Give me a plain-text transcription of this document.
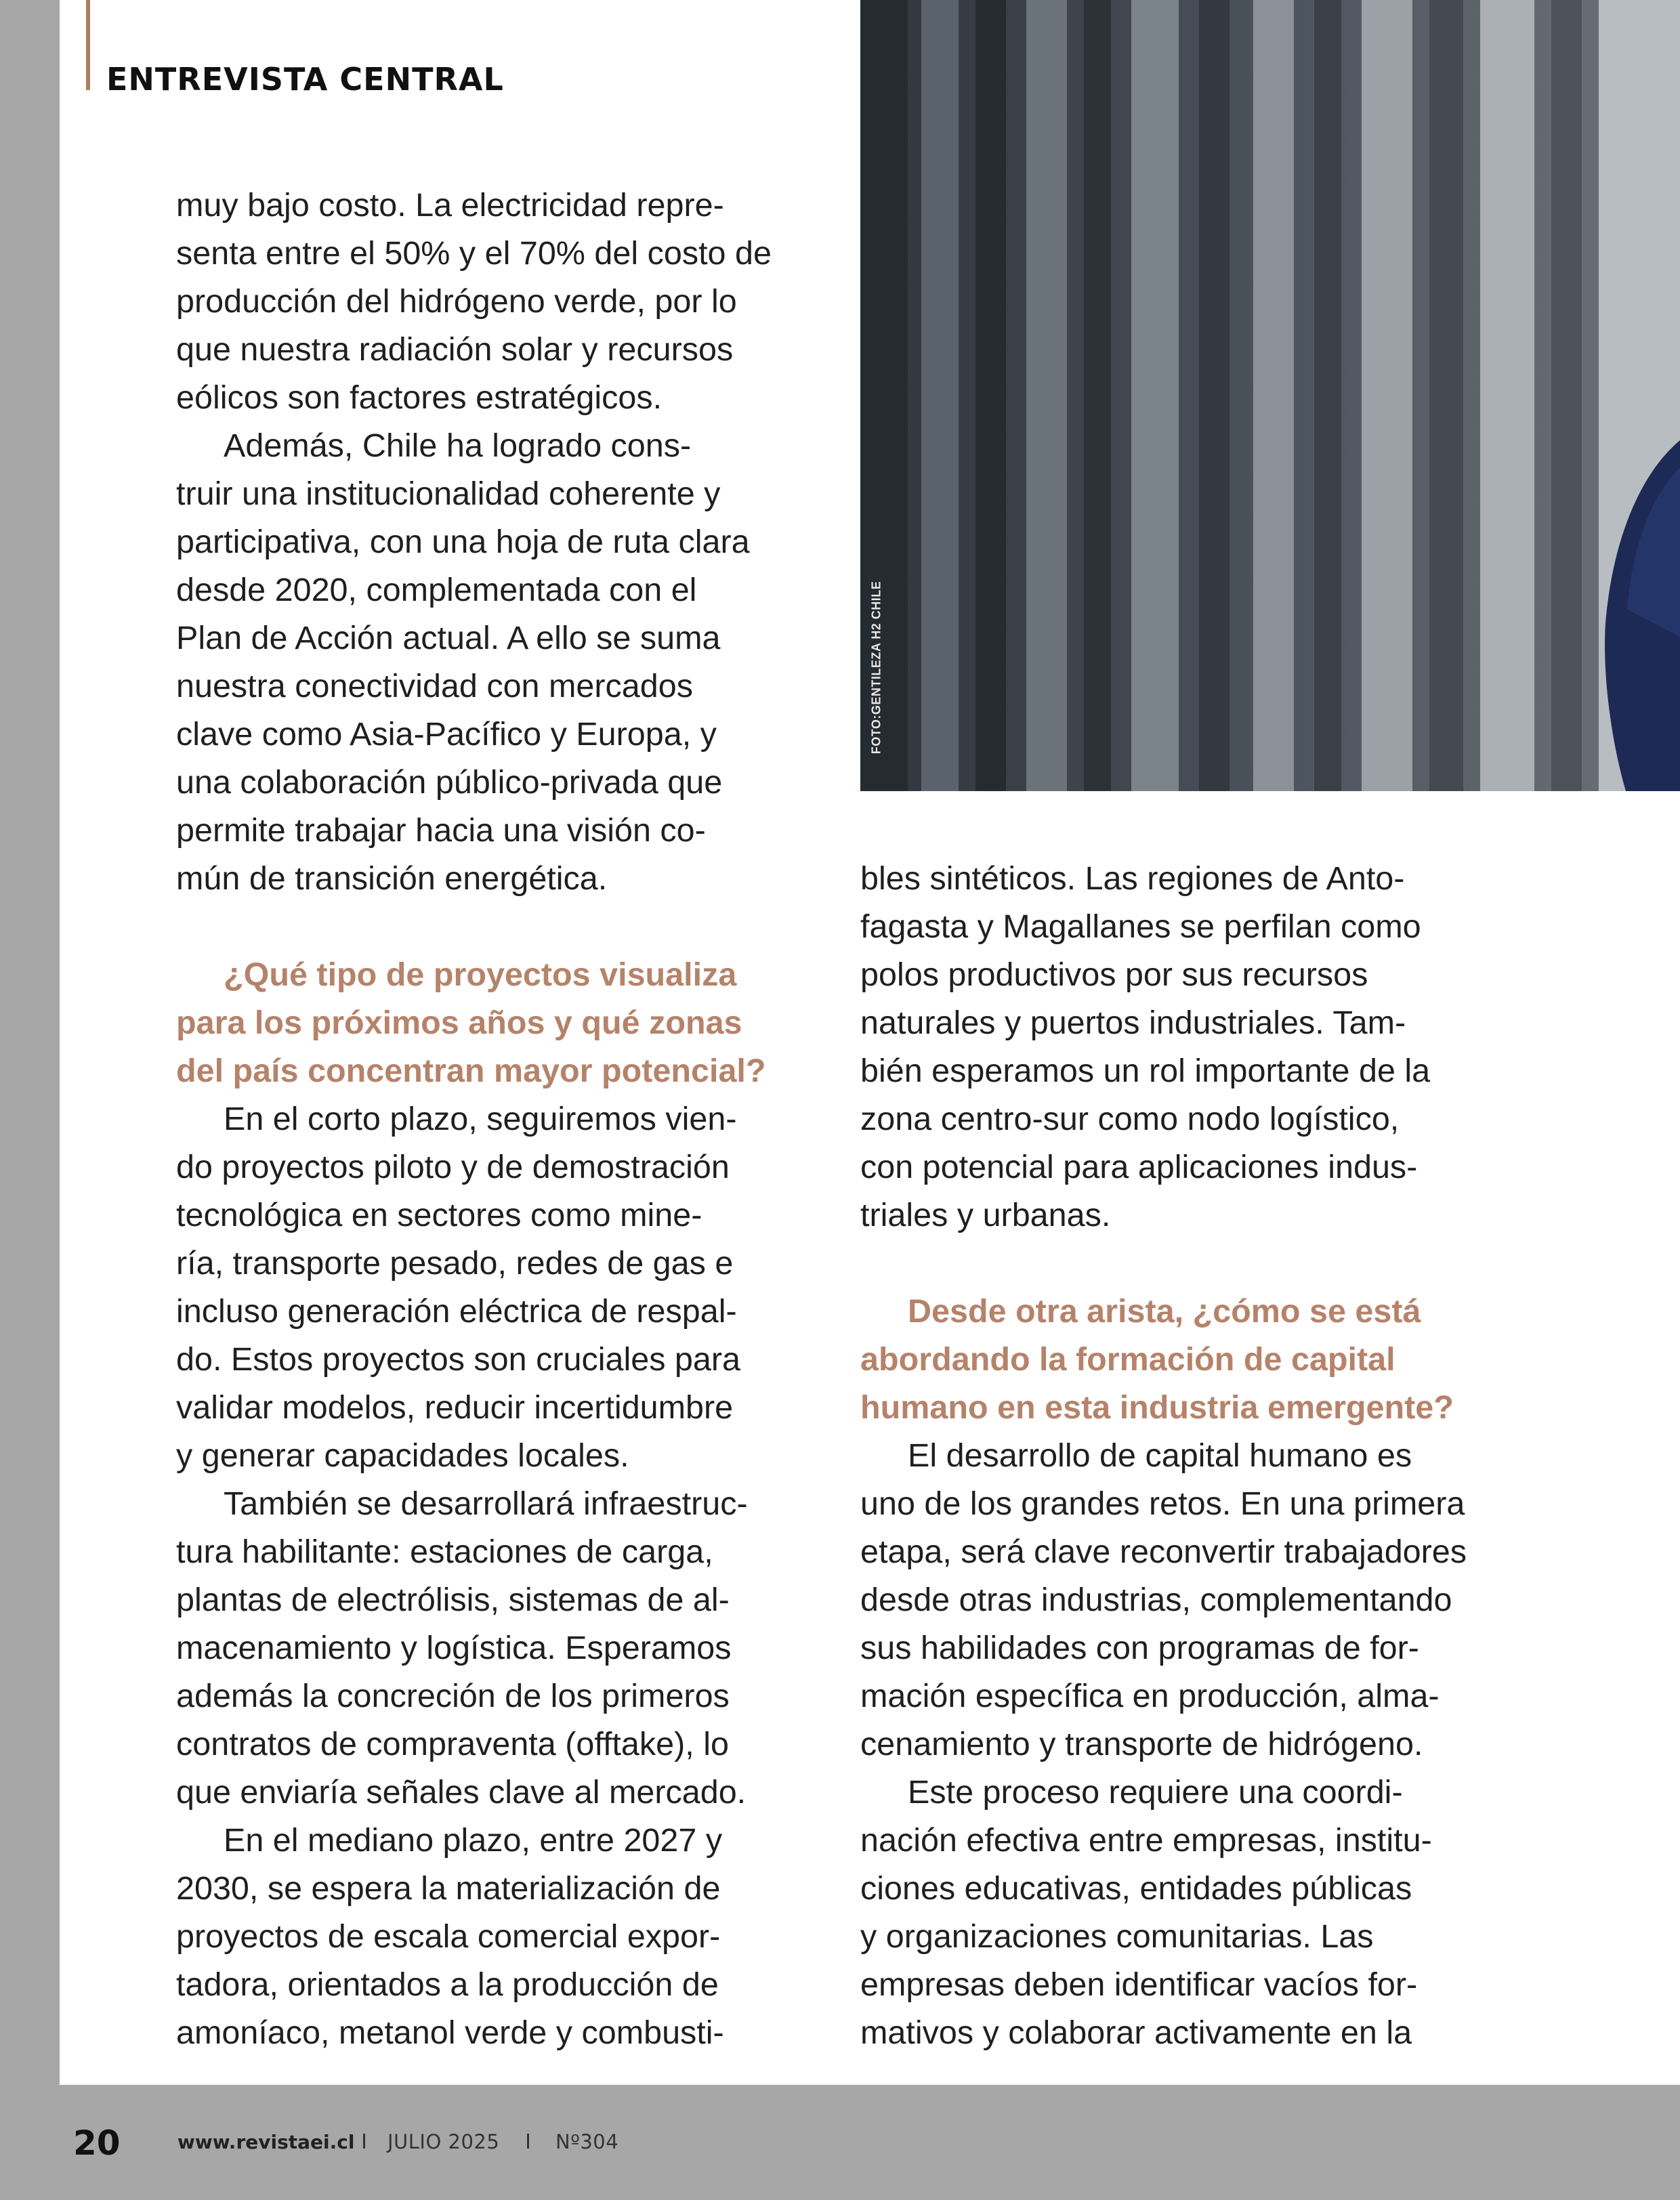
ENTREVISTA CENTRAL
FOTO:GENTILEZA H2 CHILE

muy bajo costo. La electricidad repre-
senta entre el 50% y el 70% del costo de
producción del hidrógeno verde, por lo
que nuestra radiación solar y recursos
eólicos son factores estratégicos.

Además, Chile ha logrado cons-
truir una institucionalidad coherente y
participativa, con una hoja de ruta clara
desde 2020, complementada con el
Plan de Acción actual. A ello se suma
nuestra conectividad con mercados
clave como Asia-Pacífico y Europa, y
una colaboración público-privada que
permite trabajar hacia una visión co-
mún de transición energética.

¿Qué tipo de proyectos visualiza
para los próximos años y qué zonas
del país concentran mayor potencial?

En el corto plazo, seguiremos vien-
do proyectos piloto y de demostración
tecnológica en sectores como mine-
ría, transporte pesado, redes de gas e
incluso generación eléctrica de respal-
do. Estos proyectos son cruciales para
validar modelos, reducir incertidumbre
y generar capacidades locales.

También se desarrollará infraestruc-
tura habilitante: estaciones de carga,
plantas de electrólisis, sistemas de al-
macenamiento y logística. Esperamos
además la concreción de los primeros
contratos de compraventa (offtake), lo
que enviaría señales clave al mercado.

En el mediano plazo, entre 2027 y
2030, se espera la materialización de
proyectos de escala comercial expor-
tadora, orientados a la producción de
amoníaco, metanol verde y combusti-

bles sintéticos. Las regiones de Anto-
fagasta y Magallanes se perfilan como
polos productivos por sus recursos
naturales y puertos industriales. Tam-
bién esperamos un rol importante de la
zona centro-sur como nodo logístico,
con potencial para aplicaciones indus-
triales y urbanas.

Desde otra arista, ¿cómo se está
abordando la formación de capital
humano en esta industria emergente?

El desarrollo de capital humano es
uno de los grandes retos. En una primera
etapa, será clave reconvertir trabajadores
desde otras industrias, complementando
sus habilidades con programas de for-
mación específica en producción, alma-
cenamiento y transporte de hidrógeno.

Este proceso requiere una coordi-
nación efectiva entre empresas, institu-
ciones educativas, entidades públicas
y organizaciones comunitarias. Las
empresas deben identificar vacíos for-
mativos y colaborar activamente en la

20	www.revistaei.cl JULIO 2025	Nº304
